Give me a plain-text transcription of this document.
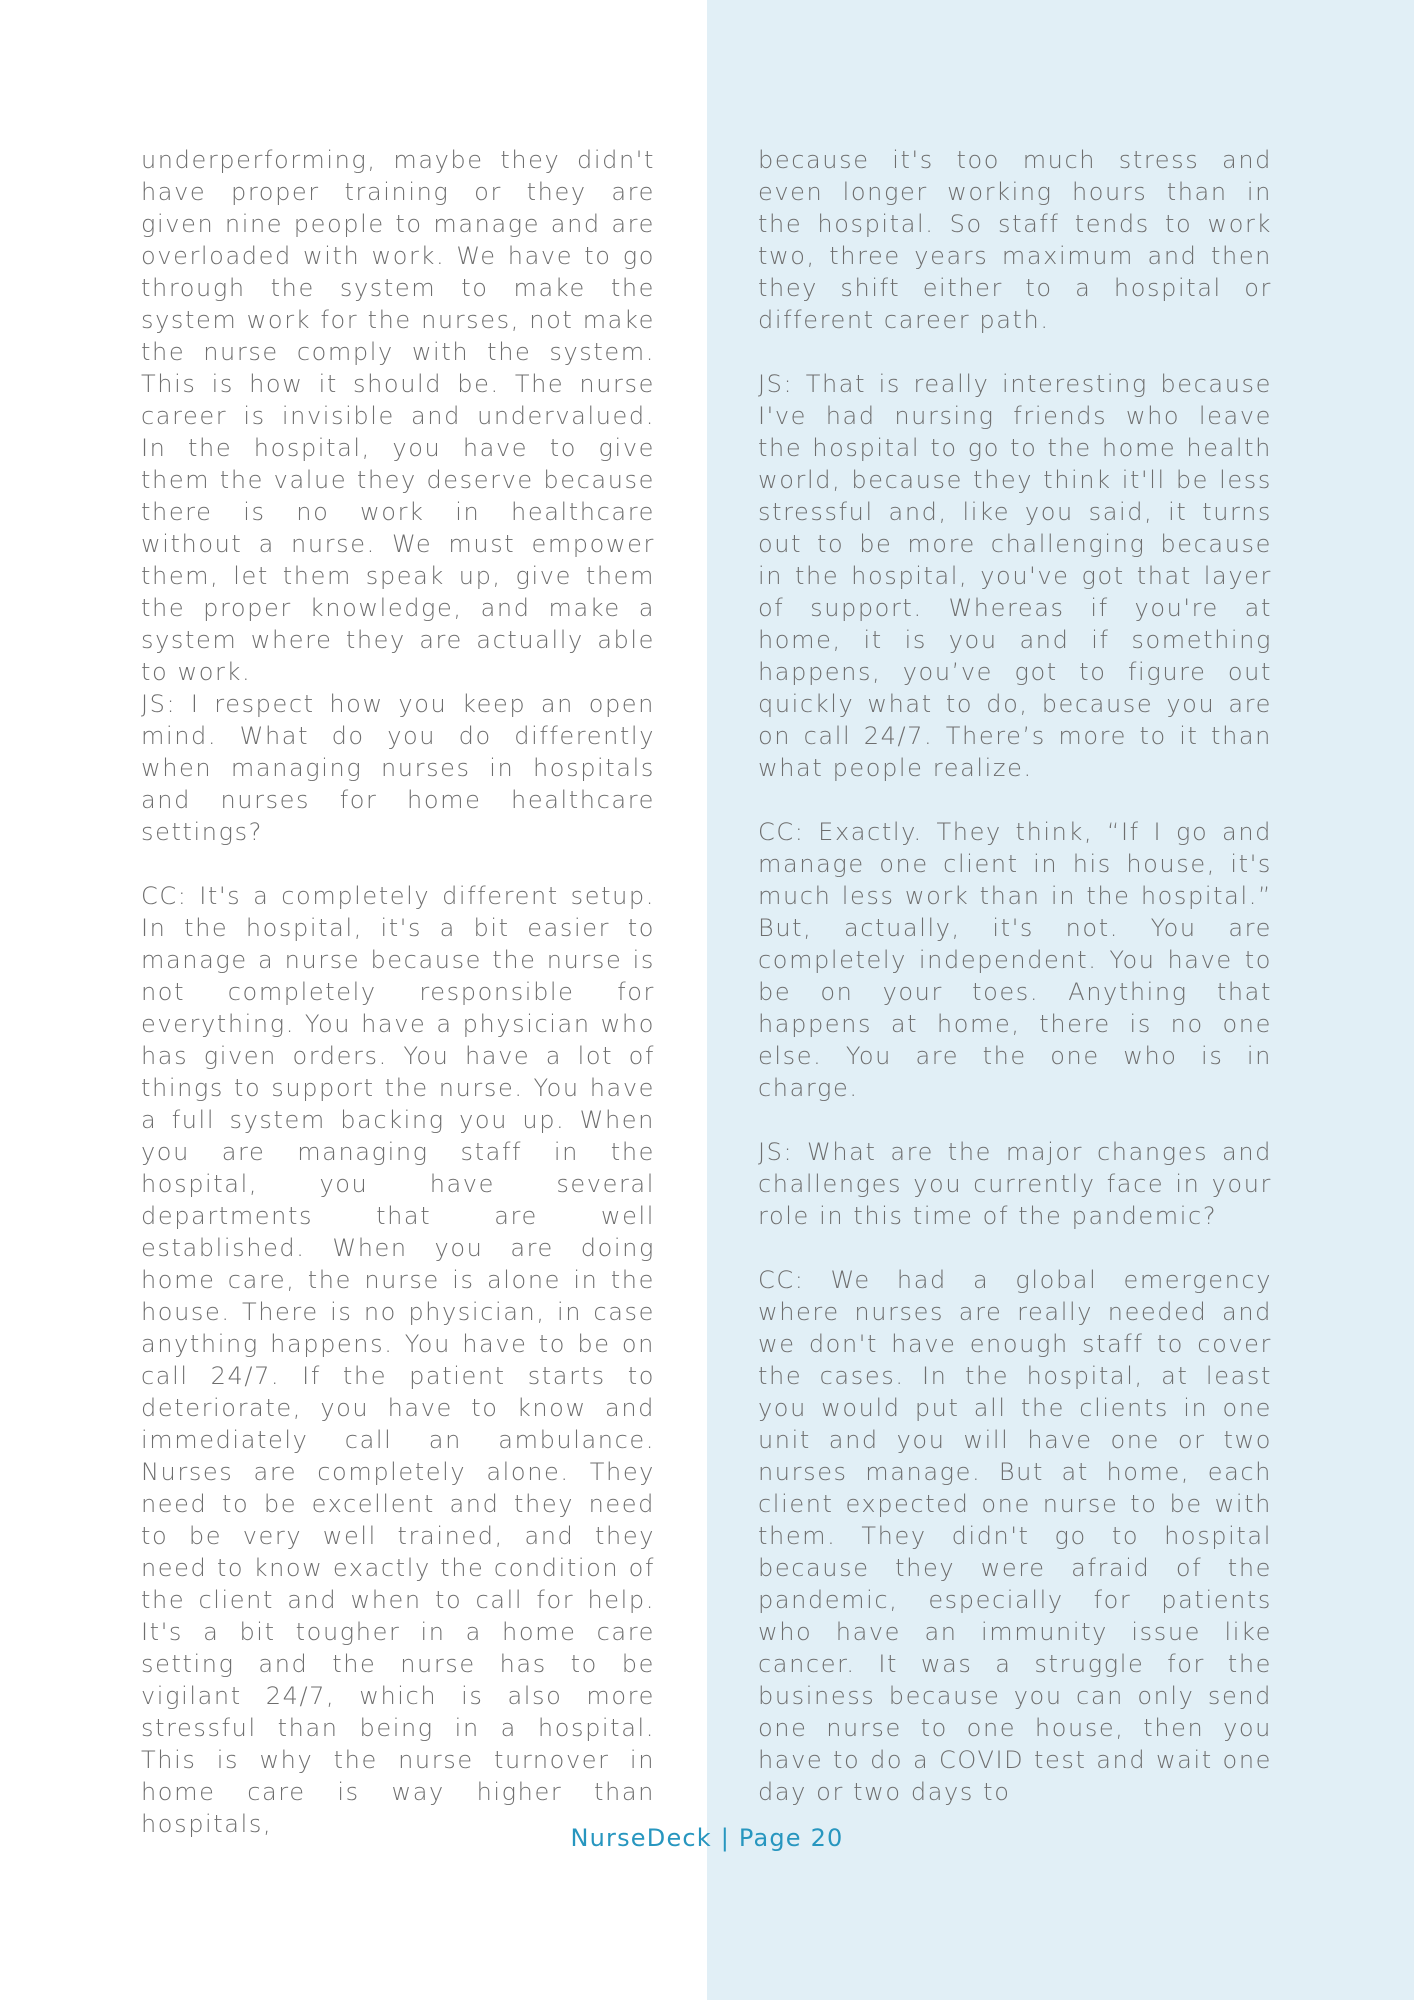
underperforming, maybe they didn't have proper training or they are given nine people to manage and are overloaded with work. We have to go through the system to make the system work for the nurses, not make the nurse comply with the system. This is how it should be. The nurse career is invisible and undervalued. In the hospital, you have to give them the value they deserve because there is no work in healthcare without a nurse. We must empower them, let them speak up, give them the proper knowledge, and make a system where they are actually able to work.

JS: I respect how you keep an open mind. What do you do differently when managing nurses in hospitals and nurses for home healthcare settings?

CC: It's a completely different setup. In the hospital, it's a bit easier to manage a nurse because the nurse is not completely responsible for everything. You have a physician who has given orders. You have a lot of things to support the nurse. You have a full system backing you up. When you are managing staff in the hospital, you have several departments that are well established. When you are doing home care, the nurse is alone in the house. There is no physician, in case anything happens. You have to be on call 24/7. If the patient starts to deteriorate, you have to know and immediately call an ambulance. Nurses are completely alone. They need to be excellent and they need to be very well trained, and they need to know exactly the condition of the client and when to call for help. It's a bit tougher in a home care setting and the nurse has to be vigilant 24/7, which is also more stressful than being in a hospital. This is why the nurse turnover in home care is way higher than hospitals,

because it's too much stress and even longer working hours than in the hospital. So staff tends to work two, three years maximum and then they shift either to a hospital or different career path.

JS: That is really interesting because I've had nursing friends who leave the hospital to go to the home health world, because they think it'll be less stressful and, like you said, it turns out to be more challenging because in the hospital, you've got that layer of support. Whereas if you're at home, it is you and if something happens, you’ve got to figure out quickly what to do, because you are on call 24/7. There’s more to it than what people realize.

CC: Exactly. They think, “If I go and manage one client in his house, it's much less work than in the hospital.” But, actually, it's not. You are completely independent. You have to be on your toes. Anything that happens at home, there is no one else. You are the one who is in charge.

JS: What are the major changes and challenges you currently face in your role in this time of the pandemic?

CC: We had a global emergency where nurses are really needed and we don't have enough staff to cover the cases. In the hospital, at least you would put all the clients in one unit and you will have one or two nurses manage. But at home, each client expected one nurse to be with them. They didn't go to hospital because they were afraid of the pandemic, especially for patients who have an immunity issue like cancer. It was a struggle for the business because you can only send one nurse to one house, then you have to do a COVID test and wait one day or two days to

NurseDeck | Page 20
